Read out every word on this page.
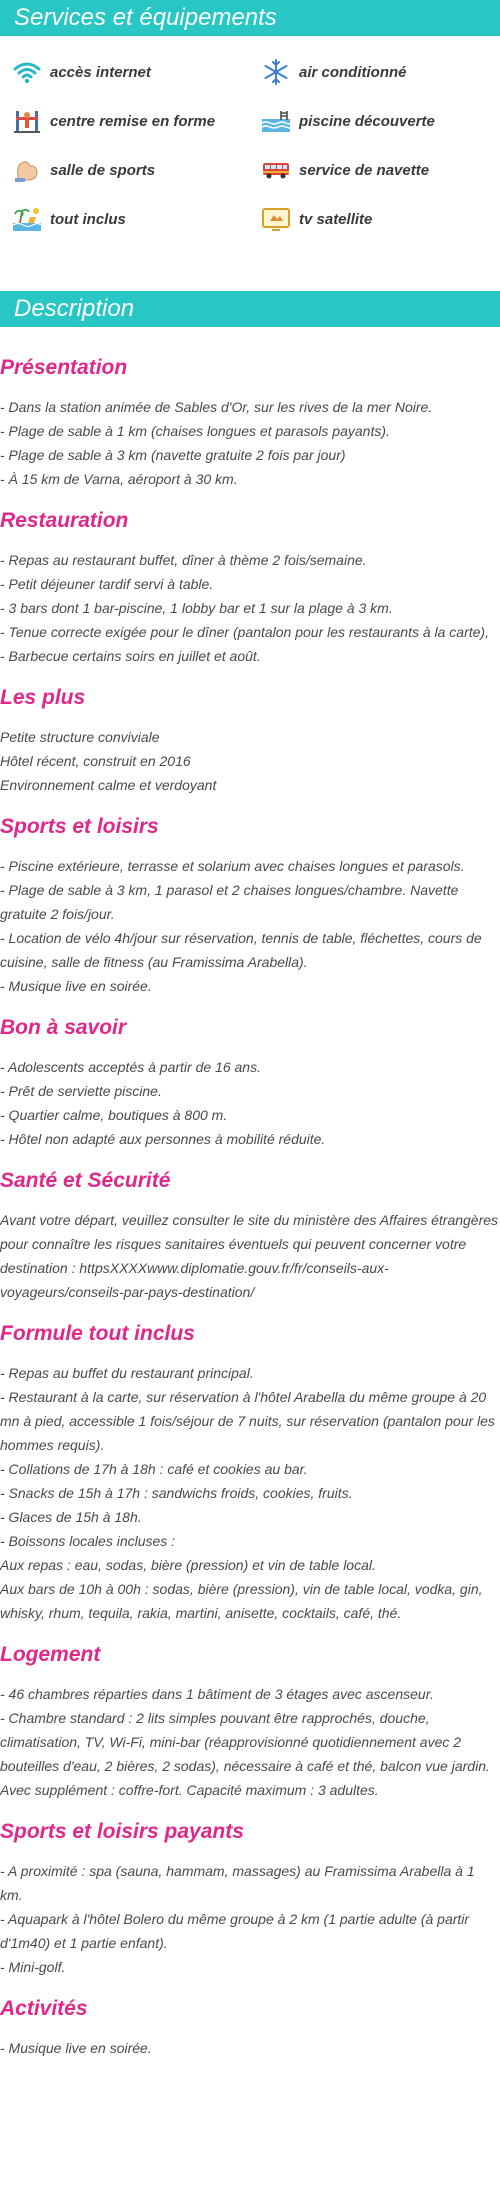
Services et équipements
accès internet	air conditionné
centre remise en forme	piscine découverte
salle de sports	service de navette
tout inclus	tv satellite
Description
Présentation
- Dans la station animée de Sables d'Or, sur les rives de la mer Noire.
- Plage de sable à 1 km (chaises longues et parasols payants).
- Plage de sable à 3 km (navette gratuite 2 fois par jour)
- À 15 km de Varna, aéroport à 30 km.
Restauration
- Repas au restaurant buffet, dîner à thème 2 fois/semaine.
- Petit déjeuner tardif servi à table.
- 3 bars dont 1 bar-piscine, 1 lobby bar et 1 sur la plage à 3 km.
- Tenue correcte exigée pour le dîner (pantalon pour les restaurants à la carte),
- Barbecue certains soirs en juillet et août.
Les plus
Petite structure conviviale
Hôtel récent, construit en 2016
Environnement calme et verdoyant
Sports et loisirs
- Piscine extérieure, terrasse et solarium avec chaises longues et parasols.
- Plage de sable à 3 km, 1 parasol et 2 chaises longues/chambre. Navette gratuite 2 fois/jour.
- Location de vélo 4h/jour sur réservation, tennis de table, fléchettes, cours de cuisine, salle de fitness (au Framissima Arabella).
- Musique live en soirée.
Bon à savoir
- Adolescents acceptés à partir de 16 ans.
- Prêt de serviette piscine.
- Quartier calme, boutiques à 800 m.
- Hôtel non adapté aux personnes à mobilité réduite.
Santé et Sécurité
Avant votre départ, veuillez consulter le site du ministère des Affaires étrangères pour connaître les risques sanitaires éventuels qui peuvent concerner votre destination : httpsXXXXwww.diplomatie.gouv.fr/fr/conseils-aux-voyageurs/conseils-par-pays-destination/
Formule tout inclus
- Repas au buffet du restaurant principal.
- Restaurant à la carte, sur réservation à l'hôtel Arabella du même groupe à 20 mn à pied, accessible 1 fois/séjour de 7 nuits, sur réservation (pantalon pour les hommes requis).
- Collations de 17h à 18h : café et cookies au bar.
- Snacks de 15h à 17h : sandwichs froids, cookies, fruits.
- Glaces de 15h à 18h.
- Boissons locales incluses :
Aux repas : eau, sodas, bière (pression) et vin de table local.
Aux bars de 10h à 00h : sodas, bière (pression), vin de table local, vodka, gin, whisky, rhum, tequila, rakia, martini, anisette, cocktails, café, thé.
Logement
- 46 chambres réparties dans 1 bâtiment de 3 étages avec ascenseur.
- Chambre standard : 2 lits simples pouvant être rapprochés, douche, climatisation, TV, Wi-Fi, mini-bar (réapprovisionné quotidiennement avec 2 bouteilles d'eau, 2 bières, 2 sodas), nécessaire à café et thé, balcon vue jardin. Avec supplément : coffre-fort. Capacité maximum : 3 adultes.
Sports et loisirs payants
- A proximité : spa (sauna, hammam, massages) au Framissima Arabella à 1 km.
- Aquapark à l'hôtel Bolero du même groupe à 2 km (1 partie adulte (à partir d'1m40) et 1 partie enfant).
- Mini-golf.
Activités
- Musique live en soirée.
